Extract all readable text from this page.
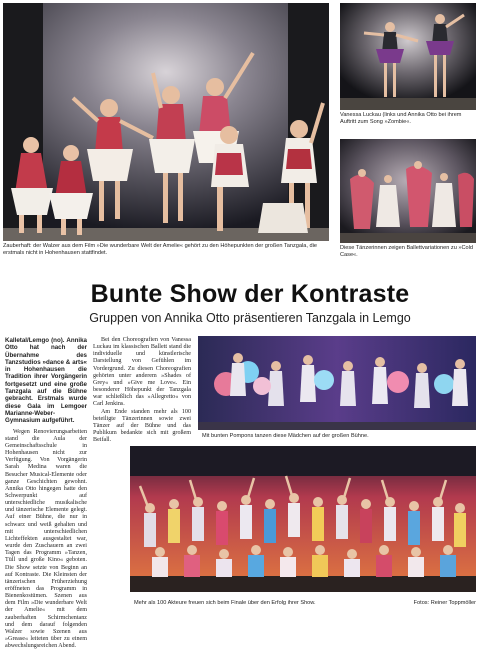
Zauberhaft: der Walzer aus dem Film »Die wunderbare Welt der Amelie« gehört zu den Höhepunkten der großen Tanzgala, die erstmals nicht in Hohenhausen stattfindet.
Vanessa Luckau (links und Annika Otto bei ihrem Auftritt zum Song »Zombie«.
Diese Tänzerinnen zeigen Ballettvariationen zu »Cold Case«.
Bunte Show der Kontraste
Gruppen von Annika Otto präsentieren Tanzgala in Lemgo

Kalletal/Lemgo (no). Annika Otto hat nach der Übernahme des Tanzstudios »dance & arts« in Hohenhausen die Tradition ihrer Vorgängerin fortgesetzt und eine große Tanzgala auf die Bühne gebracht. Erstmals wurde diese Gala im Lemgoer Marianne-Weber-Gymnasium aufgeführt.

Wegen Renovierungsarbeiten stand die Aula der Gemeinschaftsschule in Hohenhausen nicht zur Verfügung. Von Vorgängerin Sarah Medina waren die Besucher Musical-Elemente oder ganze Geschichten gewohnt. Annika Otto hingegen hatte den Schwerpunkt auf unterschiedliche musikalische und tänzerische Elemente gelegt. Auf einer Bühne, die nur in schwarz und weiß gehalten und mit unterschiedlichen Lichteffekten ausgestaltet war, wurde den Zuschauern an zwei Tagen das Programm »Tanzen, Tüll und große Kino« geboten. Die Show setzte von Beginn an auf Kontraste. Die Kleinsten der tänzerischen Früherziehung eröffneten das Programm in Bienenkostümen. Szenen aus dem Film »Die wunderbare Welt der Amelie« mit dem zauberhaften Schirmchentanz und dem darauf folgenden Walzer sowie Szenen aus »Grease« leiteten über zu einem abwechslungsreichen Abend.

Bei den Choreografien von Vanessa Luckau im klassischen Ballett stand die individuelle und künstlerische Darstellung von Gefühlen im Vordergrund. Zu diesen Choreografien gehörten unter anderem »Shades of Grey« und »Give me Love«. Ein besonderer Höhepunkt der Tanzgala war schließlich das »Allegretto« von Carl Jenkins.

Am Ende standen mehr als 100 beteiligte Tänzerinnen sowie zwei Tänzer auf der Bühne und das Publikum bedankte sich mit großem Beifall.

Mit bunten Pompons tanzen diese Mädchen auf der großen Bühne.
Mehr als 100 Akteure freuen sich beim Finale über den Erfolg ihrer Show.	Fotos: Reiner Toppmöller
